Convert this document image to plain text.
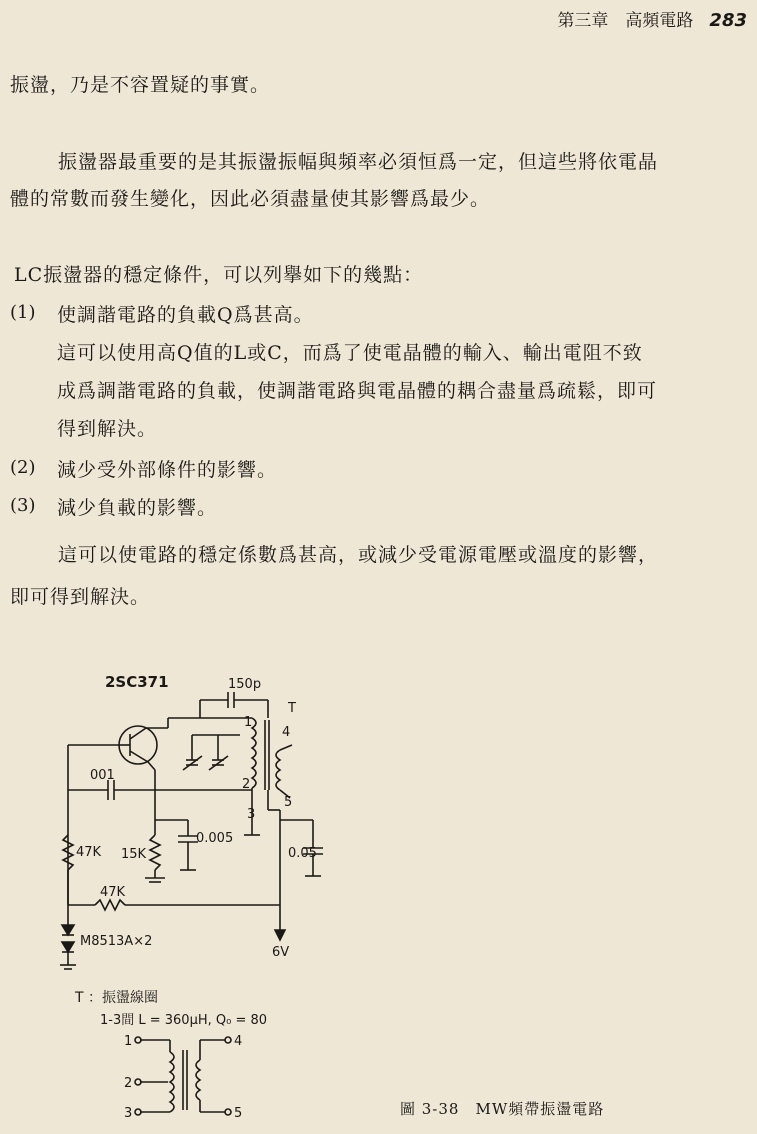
第三章　高頻電路 283
振盪，乃是不容置疑的事實。
振盪器最重要的是其振盪振幅與頻率必須恒爲一定，但這些將依電晶
體的常數而發生變化，因此必須盡量使其影響爲最少。
LC振盪器的穩定條件，可以列擧如下的幾點：
(1) 使調諧電路的負載Q爲甚高。
這可以使用高Q值的L或C，而爲了使電晶體的輸入、輸出電阻不致
成爲調諧電路的負載，使調諧電路與電晶體的耦合盡量爲疏鬆，即可
得到解決。
(2) 減少受外部條件的影響。
(3) 減少負載的影響。
這可以使電路的穩定係數爲甚高，或減少受電源電壓或溫度的影響，
即可得到解決。
2SC371	150p
T
1
4
2
3
5
001
0.005
0.05
47K 15K
47K
M8513A×2
6V
T ：振盪線圈
1-3間 L = 360μH, Q₀ = 80
1
2
3
4
5	圖 3-38　MW頻帶振盪電路
